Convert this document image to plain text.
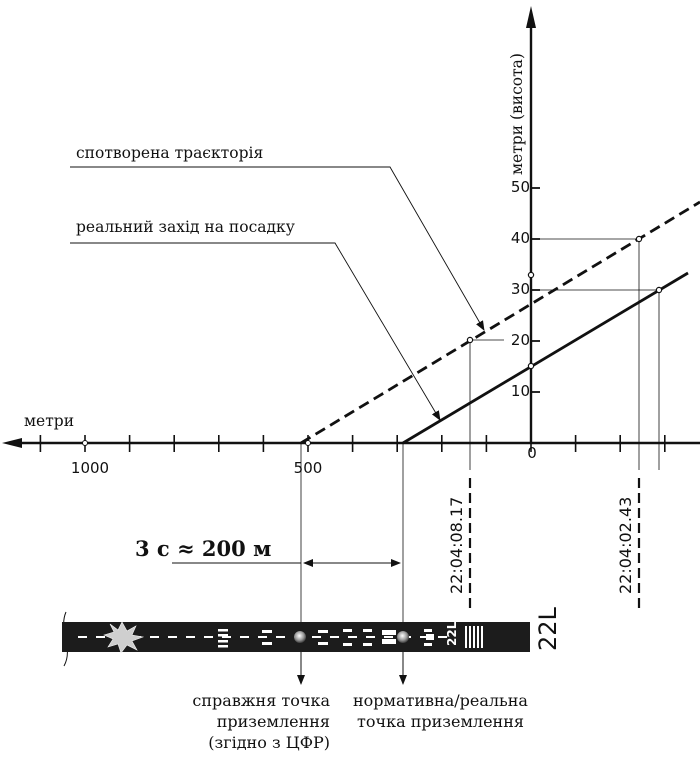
спотворена траєкторія
реальний захід на посадку
метри
метри (висота)
10
20
30
40
50
1000	500
0
22:04:08.17	22:04:02.43
3 с ≈ 200 м
22L
22L
справжня точка
приземлення
(згідно з ЦФР)
нормативна/реальна
точка приземлення
